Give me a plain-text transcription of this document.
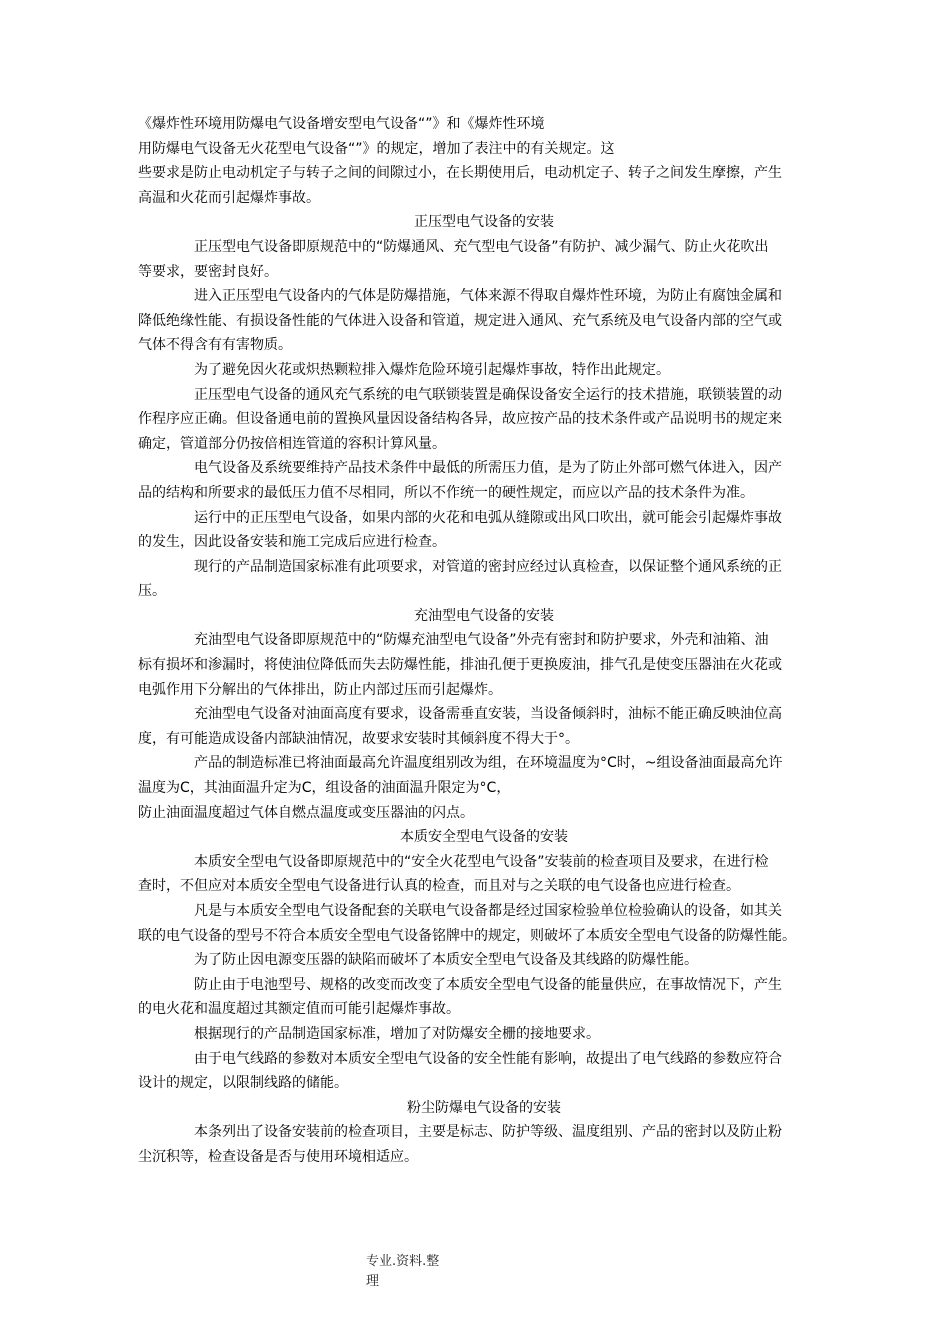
《爆炸性环境用防爆电气设备增安型电气设备“”》和《爆炸性环境
用防爆电气设备无火花型电气设备“”》的规定，增加了表注中的有关规定。这
些要求是防止电动机定子与转子之间的间隙过小，在长期使用后，电动机定子、转子之间发生摩擦，产生
高温和火花而引起爆炸事故。
正压型电气设备的安装
正压型电气设备即原规范中的“防爆通风、充气型电气设备”有防护、减少漏气、防止火花吹出
等要求，要密封良好。
进入正压型电气设备内的气体是防爆措施，气体来源不得取自爆炸性环境，为防止有腐蚀金属和
降低绝缘性能、有损设备性能的气体进入设备和管道，规定进入通风、充气系统及电气设备内部的空气或
气体不得含有有害物质。
为了避免因火花或炽热颗粒排入爆炸危险环境引起爆炸事故，特作出此规定。
正压型电气设备的通风充气系统的电气联锁装置是确保设备安全运行的技术措施，联锁装置的动
作程序应正确。但设备通电前的置换风量因设备结构各异，故应按产品的技术条件或产品说明书的规定来
确定，管道部分仍按倍相连管道的容积计算风量。
电气设备及系统要维持产品技术条件中最低的所需压力值，是为了防止外部可燃气体进入，因产
品的结构和所要求的最低压力值不尽相同，所以不作统一的硬性规定，而应以产品的技术条件为准。
运行中的正压型电气设备，如果内部的火花和电弧从缝隙或出风口吹出，就可能会引起爆炸事故
的发生，因此设备安装和施工完成后应进行检查。
现行的产品制造国家标准有此项要求，对管道的密封应经过认真检查，以保证整个通风系统的正
压。
充油型电气设备的安装
充油型电气设备即原规范中的“防爆充油型电气设备”外壳有密封和防护要求，外壳和油箱、油
标有损坏和渗漏时，将使油位降低而失去防爆性能，排油孔便于更换废油，排气孔是使变压器油在火花或
电弧作用下分解出的气体排出，防止内部过压而引起爆炸。
充油型电气设备对油面高度有要求，设备需垂直安装，当设备倾斜时，油标不能正确反映油位高
度，有可能造成设备内部缺油情况，故要求安装时其倾斜度不得大于°。
产品的制造标准已将油面最高允许温度组别改为组，在环境温度为°C时，~组设备油面最高允许
温度为C，其油面温升定为C，组设备的油面温升限定为°C，
防止油面温度超过气体自燃点温度或变压器油的闪点。
本质安全型电气设备的安装
本质安全型电气设备即原规范中的“安全火花型电气设备”安装前的检查项目及要求，在进行检
查时，不但应对本质安全型电气设备进行认真的检查，而且对与之关联的电气设备也应进行检查。
凡是与本质安全型电气设备配套的关联电气设备都是经过国家检验单位检验确认的设备，如其关
联的电气设备的型号不符合本质安全型电气设备铭牌中的规定，则破坏了本质安全型电气设备的防爆性能。
为了防止因电源变压器的缺陷而破坏了本质安全型电气设备及其线路的防爆性能。
防止由于电池型号、规格的改变而改变了本质安全型电气设备的能量供应，在事故情况下，产生
的电火花和温度超过其额定值而可能引起爆炸事故。
根据现行的产品制造国家标准，增加了对防爆安全栅的接地要求。
由于电气线路的参数对本质安全型电气设备的安全性能有影响，故提出了电气线路的参数应符合
设计的规定，以限制线路的储能。
粉尘防爆电气设备的安装
本条列出了设备安装前的检查项目，主要是标志、防护等级、温度组别、产品的密封以及防止粉
尘沉积等，检查设备是否与使用环境相适应。
专业.资料.整
理
